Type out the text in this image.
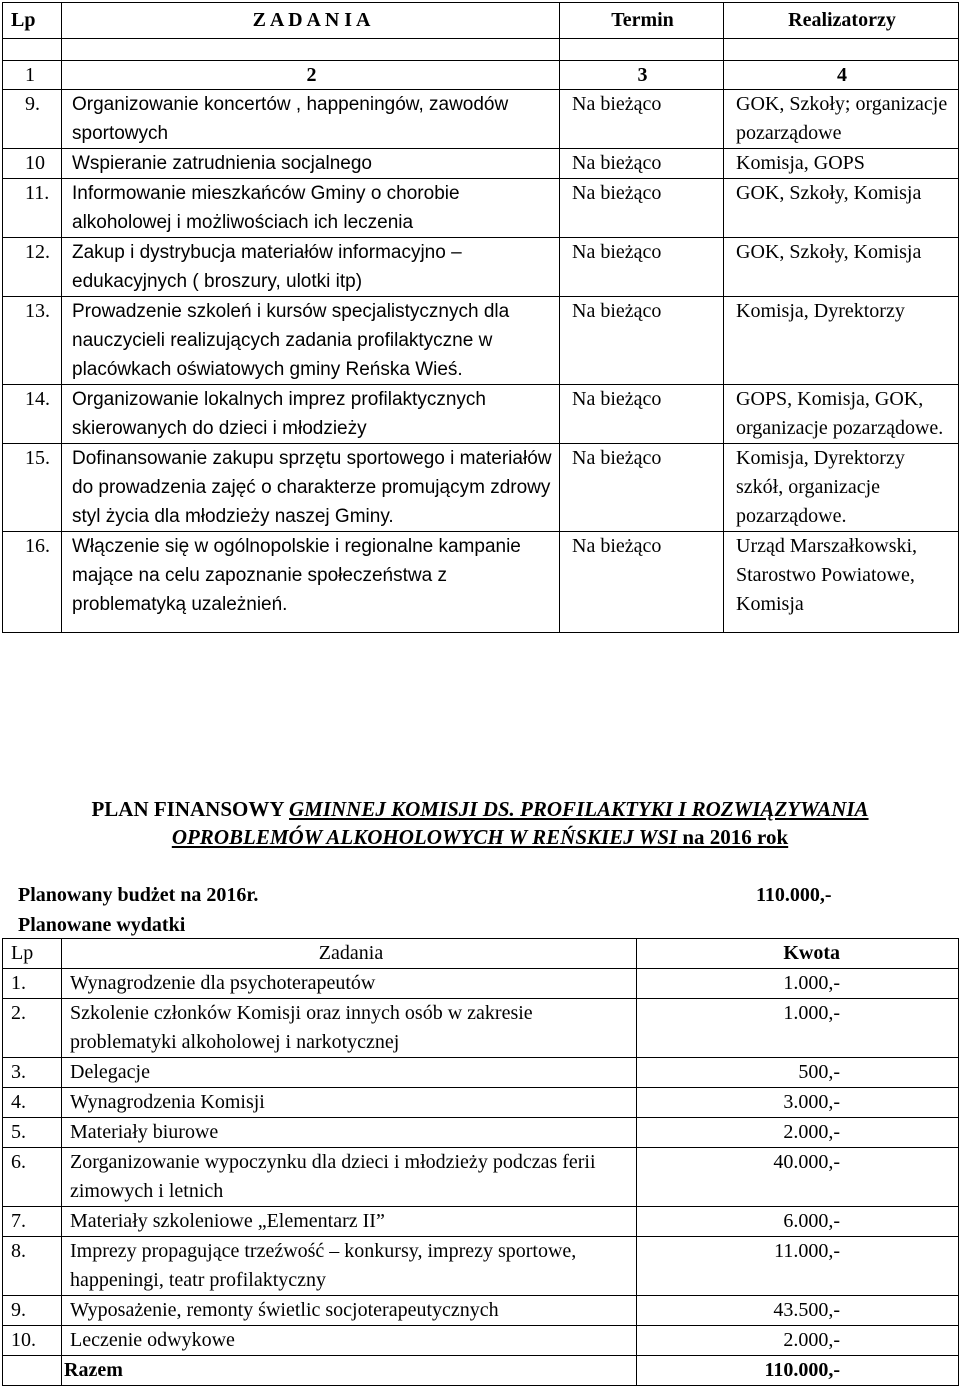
Lp	Z A D A N I A	Termin	Realizatorzy

1	2	3	4
9.	Organizowanie koncertów , happeningów, zawodów sportowych	Na bieżąco	GOK, Szkoły; organizacje pozarządowe
10	Wspieranie zatrudnienia socjalnego	Na bieżąco	Komisja, GOPS
11.	Informowanie mieszkańców Gminy o chorobie alkoholowej i możliwościach ich leczenia	Na bieżąco	GOK, Szkoły, Komisja
12.	Zakup i dystrybucja materiałów informacyjno – edukacyjnych ( broszury, ulotki itp)	Na bieżąco	GOK, Szkoły, Komisja
13.	Prowadzenie szkoleń i kursów specjalistycznych dla nauczycieli realizujących zadania profilaktyczne w placówkach oświatowych gminy Reńska Wieś.	Na bieżąco	Komisja, Dyrektorzy
14.	Organizowanie lokalnych imprez profilaktycznych skierowanych do dzieci i młodzieży	Na bieżąco	GOPS, Komisja, GOK, organizacje pozarządowe.
15.	Dofinansowanie zakupu sprzętu sportowego i materiałów do prowadzenia zajęć o charakterze promującym zdrowy styl życia dla młodzieży naszej Gminy.	Na bieżąco	Komisja, Dyrektorzy szkół, organizacje pozarządowe.
16.	Włączenie się w ogólnopolskie i regionalne kampanie mające na celu zapoznanie społeczeństwa z problematyką uzależnień.	Na bieżąco	Urząd Marszałkowski, Starostwo Powiatowe, Komisja
PLAN FINANSOWY GMINNEJ KOMISJI DS. PROFILAKTYKI I ROZWIĄZYWANIA
OPROBLEMÓW ALKOHOLOWYCH W REŃSKIEJ WSI na 2016 rok
Planowany budżet na 2016r.	110.000,-
Planowane wydatki
Lp	Zadania	Kwota
1.	Wynagrodzenie dla psychoterapeutów	1.000,-
2.	Szkolenie członków Komisji oraz innych osób w zakresie problematyki alkoholowej i narkotycznej	1.000,-
3.	Delegacje	500,-
4.	Wynagrodzenia Komisji	3.000,-
5.	Materiały biurowe	2.000,-
6.	Zorganizowanie wypoczynku dla dzieci i młodzieży podczas ferii zimowych i letnich	40.000,-
7.	Materiały szkoleniowe „Elementarz II”	6.000,-
8.	Imprezy propagujące trzeźwość – konkursy, imprezy sportowe, happeningi, teatr profilaktyczny	11.000,-
9.	Wyposażenie, remonty świetlic socjoterapeutycznych	43.500,-
10.	Leczenie odwykowe	2.000,-
	Razem	110.000,-
